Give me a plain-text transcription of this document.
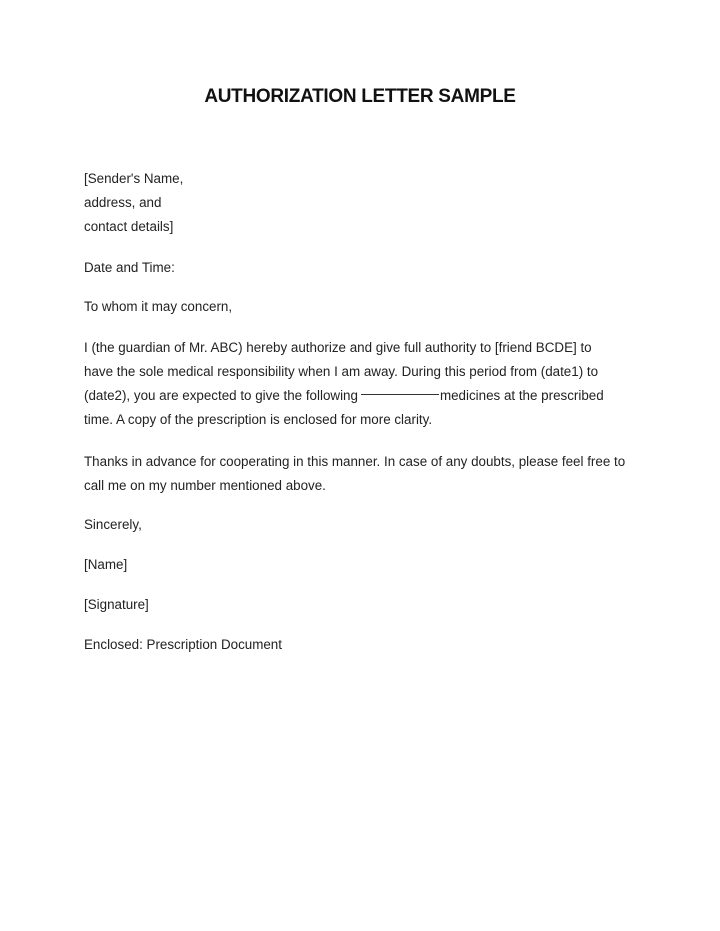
AUTHORIZATION LETTER SAMPLE
[Sender's Name,
address, and
contact details]
Date and Time:
To whom it may concern,
I (the guardian of Mr. ABC) hereby authorize and give full authority to [friend BCDE] to
have the sole medical responsibility when I am away. During this period from (date1) to
(date2), you are expected to give the following	medicines at the prescribed
time. A copy of the prescription is enclosed for more clarity.
Thanks in advance for cooperating in this manner. In case of any doubts, please feel free to
call me on my number mentioned above.
Sincerely,
[Name]
[Signature]
Enclosed: Prescription Document
